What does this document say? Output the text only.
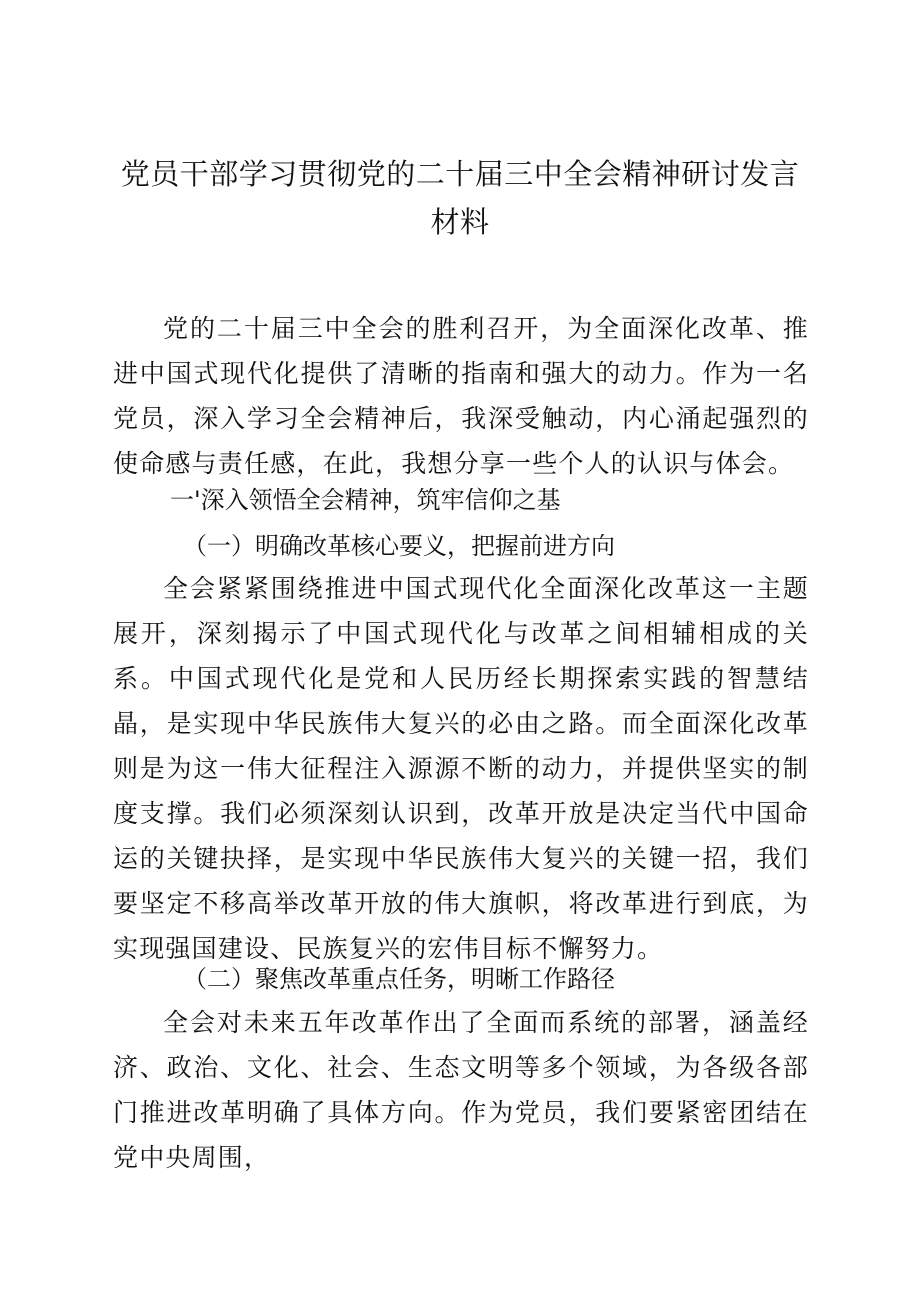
党员干部学习贯彻党的二十届三中全会精神研讨发言材料

党的二十届三中全会的胜利召开，为全面深化改革、推进中国式现代化提供了清晰的指南和强大的动力。作为一名党员，深入学习全会精神后，我深受触动，内心涌起强烈的使命感与责任感，在此，我想分享一些个人的认识与体会。

一'深入领悟全会精神，筑牢信仰之基
（一）明确改革核心要义，把握前进方向

全会紧紧围绕推进中国式现代化全面深化改革这一主题展开，深刻揭示了中国式现代化与改革之间相辅相成的关系。中国式现代化是党和人民历经长期探索实践的智慧结晶，是实现中华民族伟大复兴的必由之路。而全面深化改革则是为这一伟大征程注入源源不断的动力，并提供坚实的制度支撑。我们必须深刻认识到，改革开放是决定当代中国命运的关键抉择，是实现中华民族伟大复兴的关键一招，我们要坚定不移高举改革开放的伟大旗帜，将改革进行到底，为实现强国建设、民族复兴的宏伟目标不懈努力。

（二）聚焦改革重点任务，明晰工作路径

全会对未来五年改革作出了全面而系统的部署，涵盖经济、政治、文化、社会、生态文明等多个领域，为各级各部门推进改革明确了具体方向。作为党员，我们要紧密团结在党中央周围，
